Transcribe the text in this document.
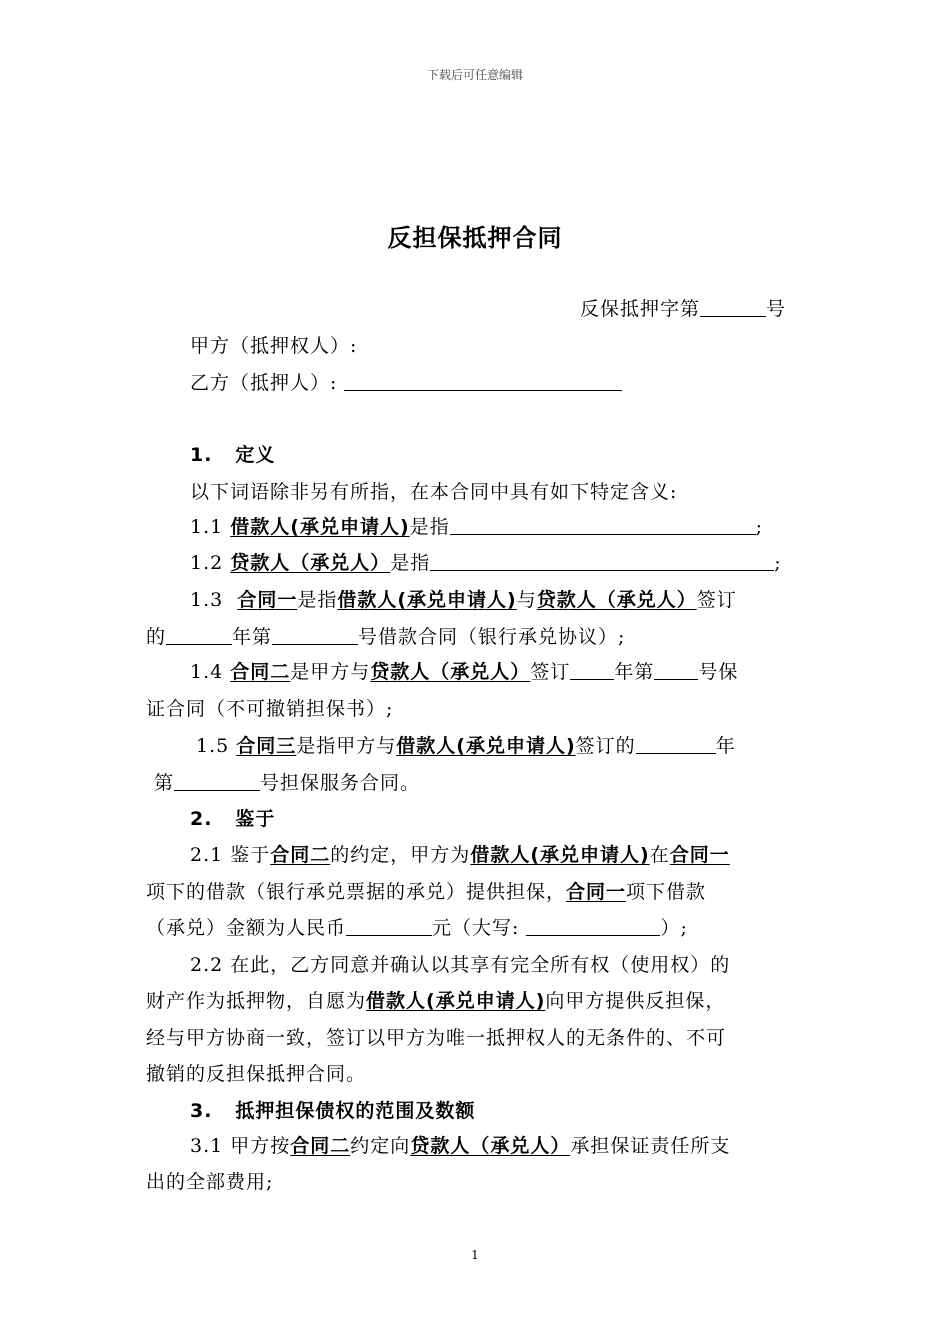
下载后可任意编辑
反担保抵押合同
反保抵押字第	号
甲方（抵押权人）:
乙方（抵押人）:
1. 定义
以下词语除非另有所指，在本合同中具有如下特定含义:
1.1 借款人(承兑申请人)是指	;
1.2 贷款人（承兑人）是指	;
1.3 合同一是指借款人(承兑申请人)与贷款人（承兑人）签订
的	年第	号借款合同（银行承兑协议）;
1.4 合同二是甲方与贷款人（承兑人）签订 年第 号保
证合同（不可撤销担保书）;
1.5 合同三是指甲方与借款人(承兑申请人)签订的	年
第	号担保服务合同。
2. 鉴于
2.1 鉴于合同二的约定，甲方为借款人(承兑申请人)在合同一
项下的借款（银行承兑票据的承兑）提供担保，合同一项下借款
（承兑）金额为人民币	元（大写:	）;
2.2 在此，乙方同意并确认以其享有完全所有权（使用权）的
财产作为抵押物，自愿为借款人(承兑申请人)向甲方提供反担保，
经与甲方协商一致，签订以甲方为唯一抵押权人的无条件的、不可
撤销的反担保抵押合同。
3. 抵押担保债权的范围及数额
3.1 甲方按合同二约定向贷款人（承兑人）承担保证责任所支
出的全部费用;
1
